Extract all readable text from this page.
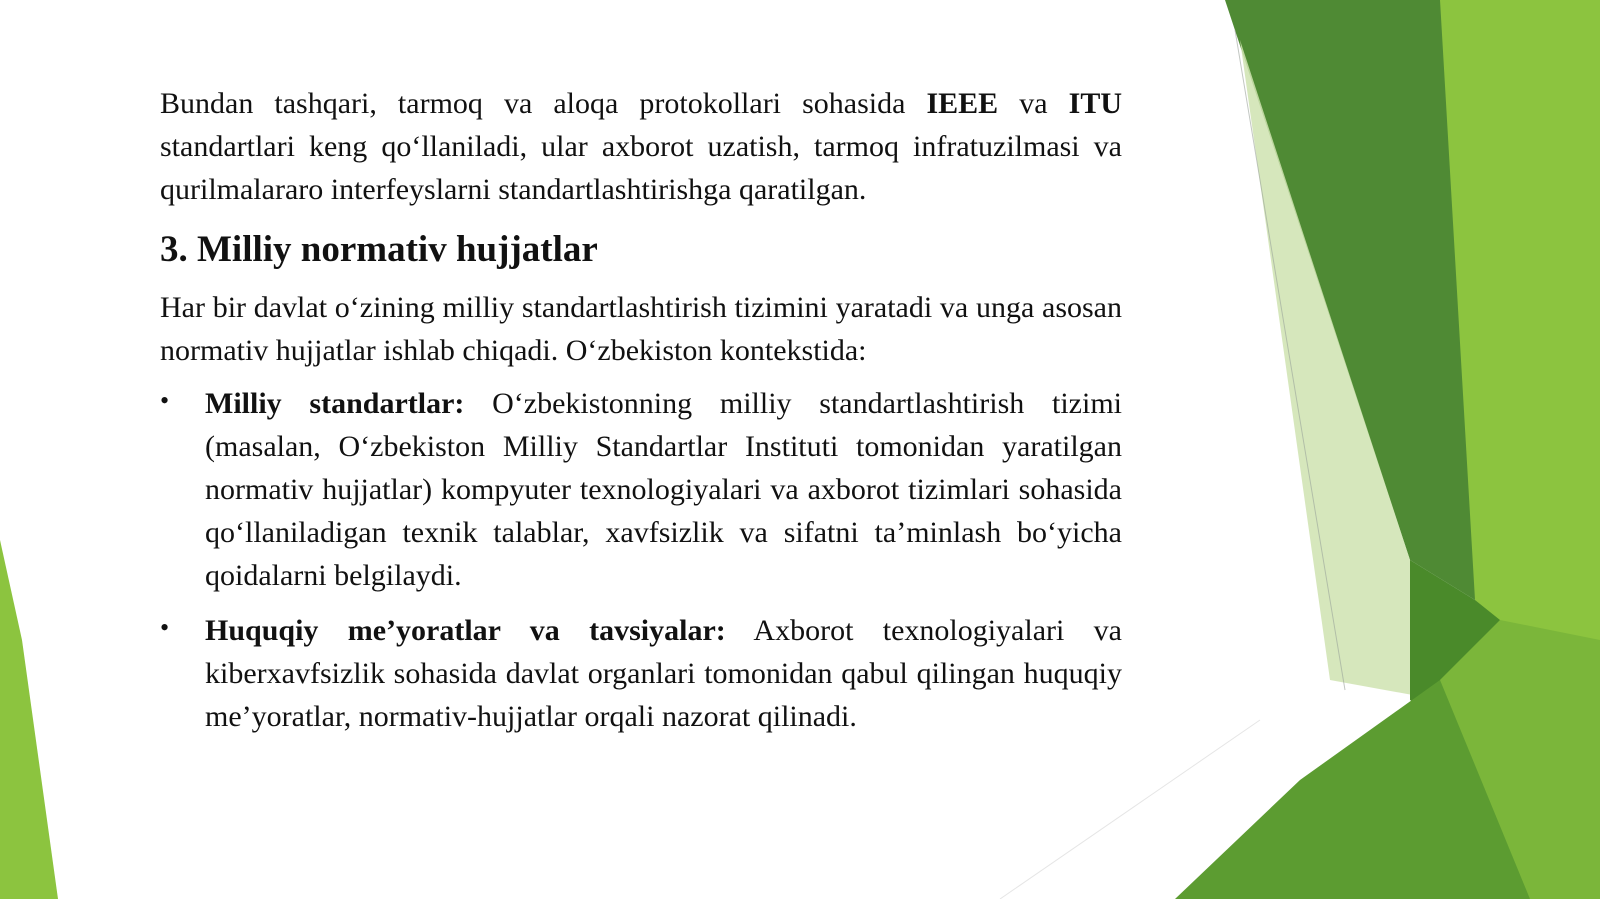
Bundan tashqari, tarmoq va aloqa protokollari sohasida IEEE va ITU standartlari keng qo‘llaniladi, ular axborot uzatish, tarmoq infratuzilmasi va qurilmalararo interfeyslarni standartlashtirishga qaratilgan.

3. Milliy normativ hujjatlar

Har bir davlat o‘zining milliy standartlashtirish tizimini yaratadi va unga asosan normativ hujjatlar ishlab chiqadi. O‘zbekiston kontekstida:

• Milliy standartlar: O‘zbekistonning milliy standartlashtirish tizimi (masalan, O‘zbekiston Milliy Standartlar Instituti tomonidan yaratilgan normativ hujjatlar) kompyuter texnologiyalari va axborot tizimlari sohasida qo‘llaniladigan texnik talablar, xavfsizlik va sifatni ta’minlash bo‘yicha qoidalarni belgilaydi.
• Huquqiy me’yoratlar va tavsiyalar: Axborot texnologiyalari va kiberxavfsizlik sohasida davlat organlari tomonidan qabul qilingan huquqiy me’yoratlar, normativ-hujjatlar orqali nazorat qilinadi.
